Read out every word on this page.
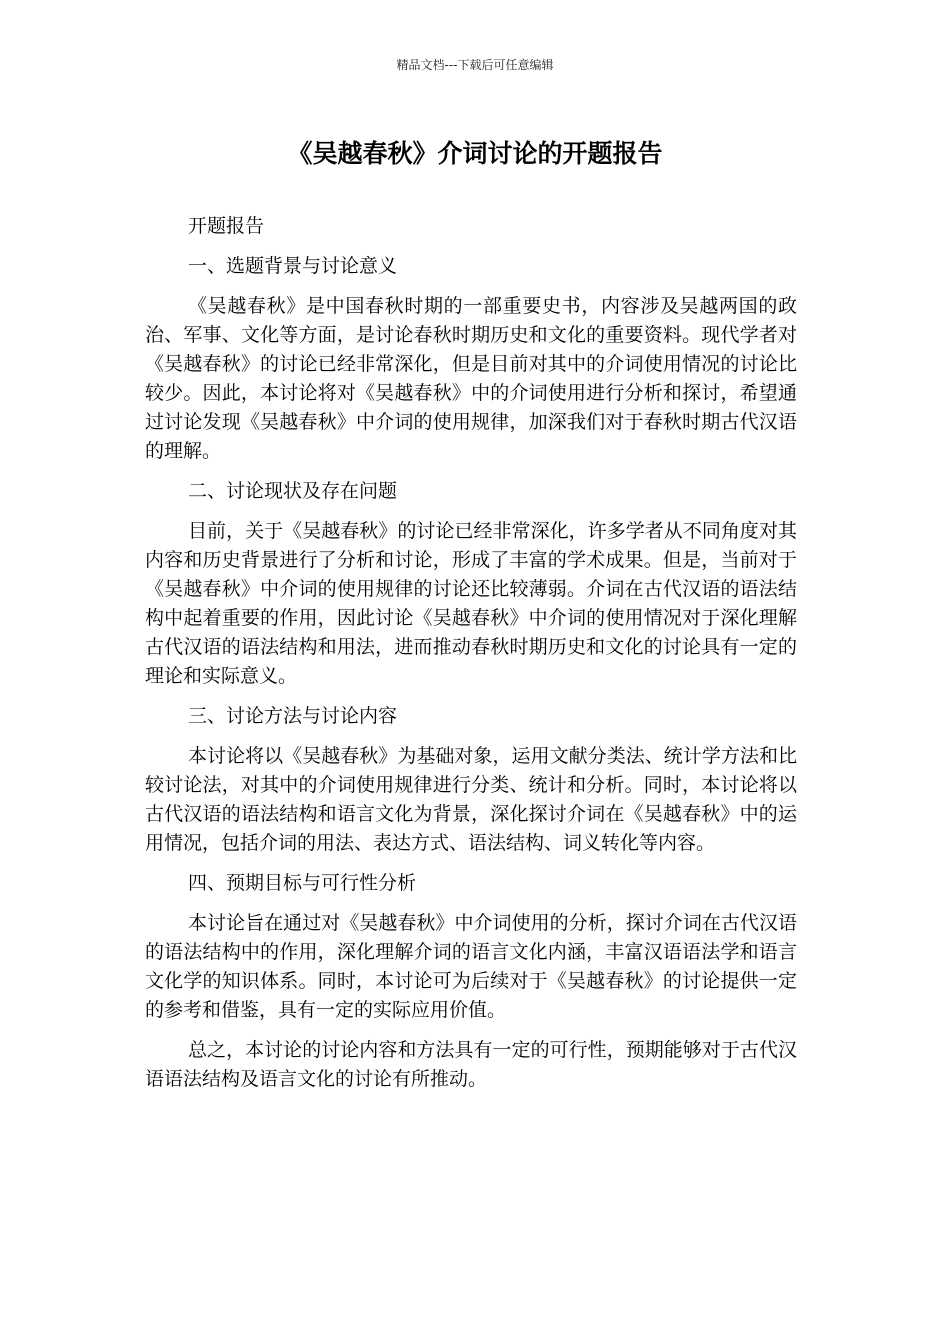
精品文档---下载后可任意编辑
《吴越春秋》介词讨论的开题报告

开题报告

一、选题背景与讨论意义

《吴越春秋》是中国春秋时期的一部重要史书，内容涉及吴越两国的政治、军事、文化等方面，是讨论春秋时期历史和文化的重要资料。现代学者对《吴越春秋》的讨论已经非常深化，但是目前对其中的介词使用情况的讨论比较少。因此，本讨论将对《吴越春秋》中的介词使用进行分析和探讨，希望通过讨论发现《吴越春秋》中介词的使用规律，加深我们对于春秋时期古代汉语的理解。

二、讨论现状及存在问题

目前，关于《吴越春秋》的讨论已经非常深化，许多学者从不同角度对其内容和历史背景进行了分析和讨论，形成了丰富的学术成果。但是，当前对于《吴越春秋》中介词的使用规律的讨论还比较薄弱。介词在古代汉语的语法结构中起着重要的作用，因此讨论《吴越春秋》中介词的使用情况对于深化理解古代汉语的语法结构和用法，进而推动春秋时期历史和文化的讨论具有一定的理论和实际意义。

三、讨论方法与讨论内容

本讨论将以《吴越春秋》为基础对象，运用文献分类法、统计学方法和比较讨论法，对其中的介词使用规律进行分类、统计和分析。同时，本讨论将以古代汉语的语法结构和语言文化为背景，深化探讨介词在《吴越春秋》中的运用情况，包括介词的用法、表达方式、语法结构、词义转化等内容。

四、预期目标与可行性分析

本讨论旨在通过对《吴越春秋》中介词使用的分析，探讨介词在古代汉语的语法结构中的作用，深化理解介词的语言文化内涵，丰富汉语语法学和语言文化学的知识体系。同时，本讨论可为后续对于《吴越春秋》的讨论提供一定的参考和借鉴，具有一定的实际应用价值。

总之，本讨论的讨论内容和方法具有一定的可行性，预期能够对于古代汉语语法结构及语言文化的讨论有所推动。
